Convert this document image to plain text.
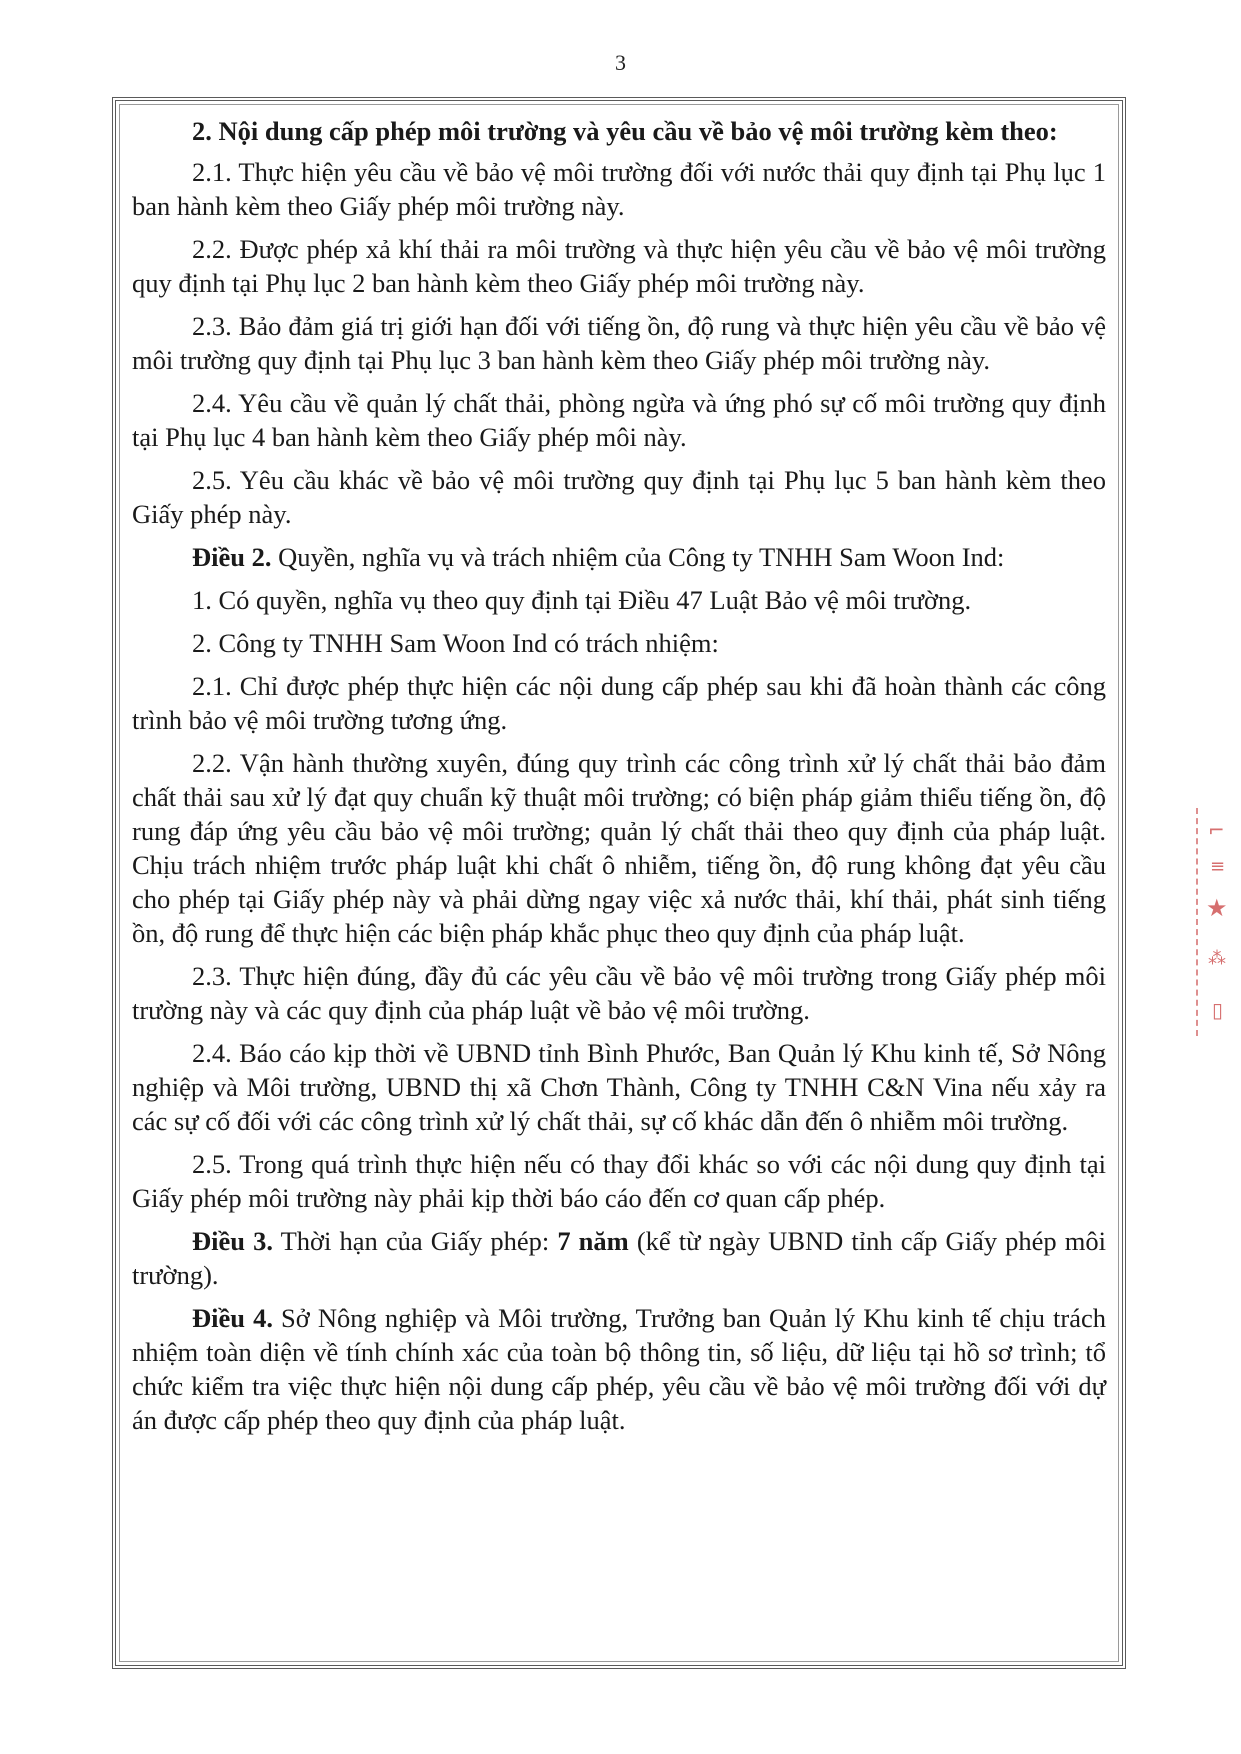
3

2. Nội dung cấp phép môi trường và yêu cầu về bảo vệ môi trường kèm theo:

2.1. Thực hiện yêu cầu về bảo vệ môi trường đối với nước thải quy định tại Phụ lục 1 ban hành kèm theo Giấy phép môi trường này.

2.2. Được phép xả khí thải ra môi trường và thực hiện yêu cầu về bảo vệ môi trường quy định tại Phụ lục 2 ban hành kèm theo Giấy phép môi trường này.

2.3. Bảo đảm giá trị giới hạn đối với tiếng ồn, độ rung và thực hiện yêu cầu về bảo vệ môi trường quy định tại Phụ lục 3 ban hành kèm theo Giấy phép môi trường này.

2.4. Yêu cầu về quản lý chất thải, phòng ngừa và ứng phó sự cố môi trường quy định tại Phụ lục 4 ban hành kèm theo Giấy phép môi này.

2.5. Yêu cầu khác về bảo vệ môi trường quy định tại Phụ lục 5 ban hành kèm theo Giấy phép này.

Điều 2. Quyền, nghĩa vụ và trách nhiệm của Công ty TNHH Sam Woon Ind:

1. Có quyền, nghĩa vụ theo quy định tại Điều 47 Luật Bảo vệ môi trường.

2. Công ty TNHH Sam Woon Ind có trách nhiệm:

2.1. Chỉ được phép thực hiện các nội dung cấp phép sau khi đã hoàn thành các công trình bảo vệ môi trường tương ứng.

2.2. Vận hành thường xuyên, đúng quy trình các công trình xử lý chất thải bảo đảm chất thải sau xử lý đạt quy chuẩn kỹ thuật môi trường; có biện pháp giảm thiểu tiếng ồn, độ rung đáp ứng yêu cầu bảo vệ môi trường; quản lý chất thải theo quy định của pháp luật. Chịu trách nhiệm trước pháp luật khi chất ô nhiễm, tiếng ồn, độ rung không đạt yêu cầu cho phép tại Giấy phép này và phải dừng ngay việc xả nước thải, khí thải, phát sinh tiếng ồn, độ rung để thực hiện các biện pháp khắc phục theo quy định của pháp luật.

2.3. Thực hiện đúng, đầy đủ các yêu cầu về bảo vệ môi trường trong Giấy phép môi trường này và các quy định của pháp luật về bảo vệ môi trường.

2.4. Báo cáo kịp thời về UBND tỉnh Bình Phước, Ban Quản lý Khu kinh tế, Sở Nông nghiệp và Môi trường, UBND thị xã Chơn Thành, Công ty TNHH C&N Vina nếu xảy ra các sự cố đối với các công trình xử lý chất thải, sự cố khác dẫn đến ô nhiễm môi trường.

2.5. Trong quá trình thực hiện nếu có thay đổi khác so với các nội dung quy định tại Giấy phép môi trường này phải kịp thời báo cáo đến cơ quan cấp phép.

Điều 3. Thời hạn của Giấy phép: 7 năm (kể từ ngày UBND tỉnh cấp Giấy phép môi trường).

Điều 4. Sở Nông nghiệp và Môi trường, Trưởng ban Quản lý Khu kinh tế chịu trách nhiệm toàn diện về tính chính xác của toàn bộ thông tin, số liệu, dữ liệu tại hồ sơ trình; tổ chức kiểm tra việc thực hiện nội dung cấp phép, yêu cầu về bảo vệ môi trường đối với dự án được cấp phép theo quy định của pháp luật.

⌐
≡
★
⁂
▯
